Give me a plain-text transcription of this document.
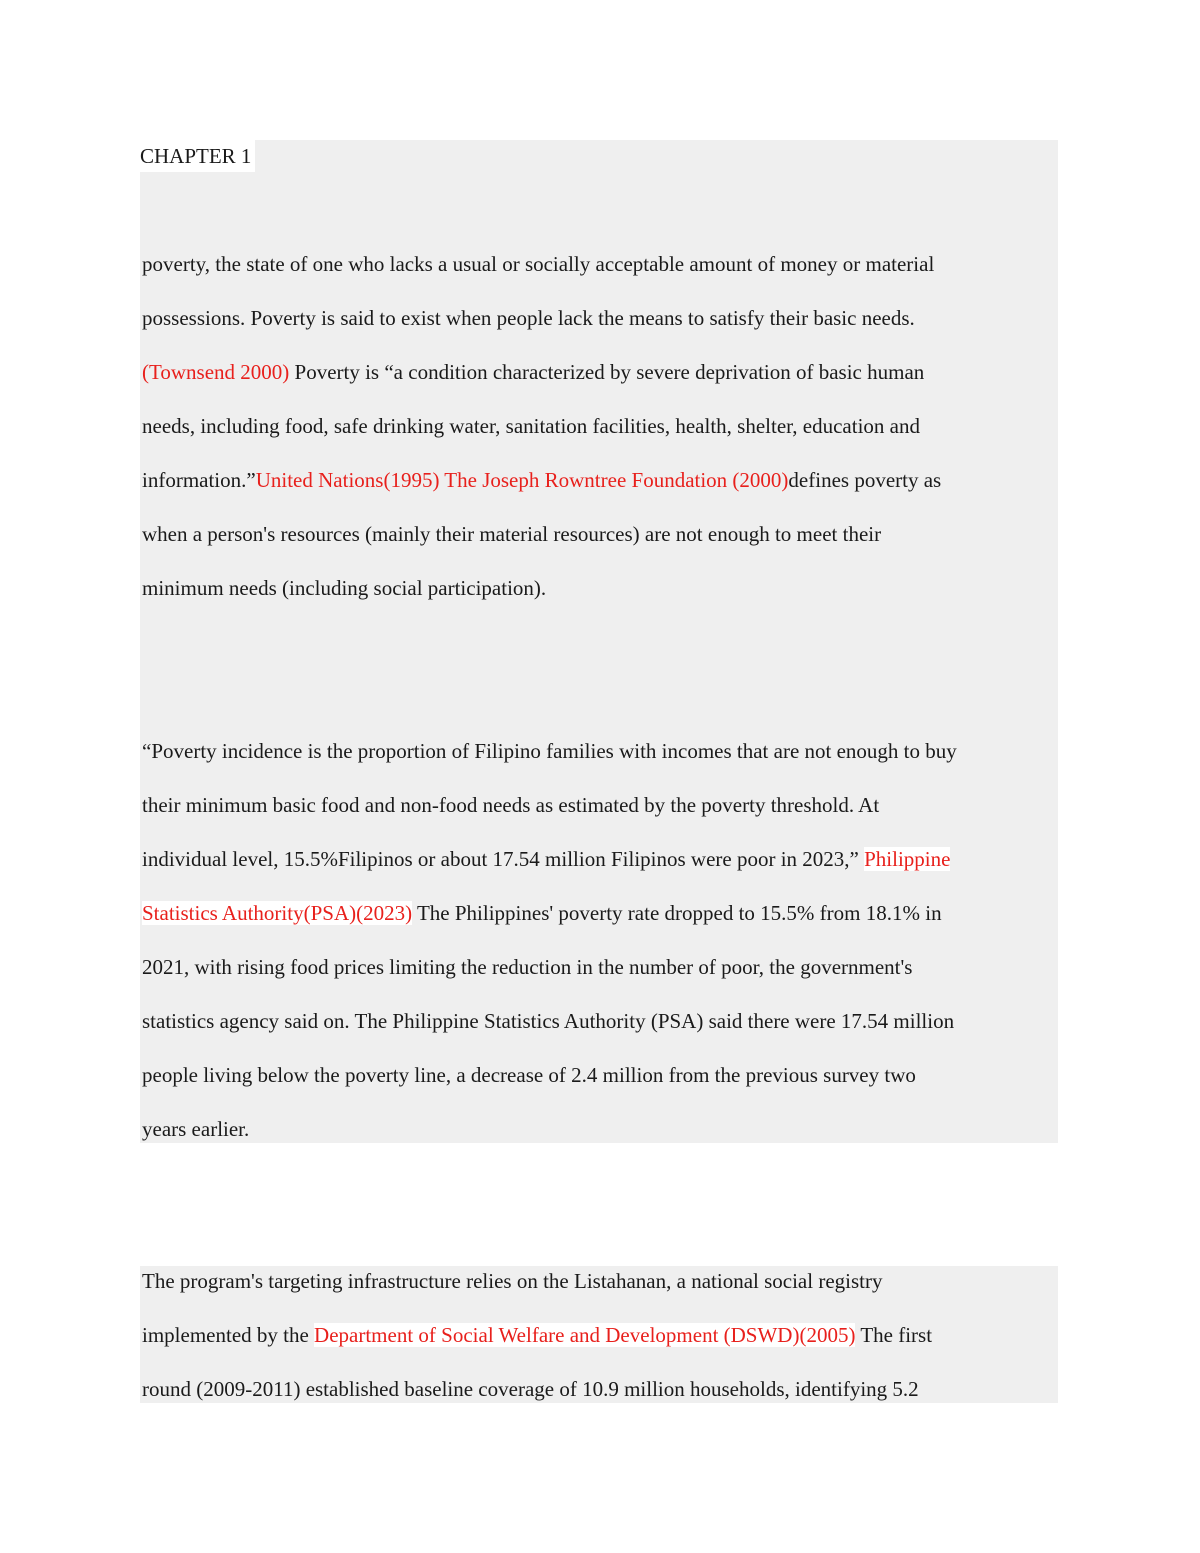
CHAPTER 1

poverty, the state of one who lacks a usual or socially acceptable amount of money or material
possessions. Poverty is said to exist when people lack the means to satisfy their basic needs.
(Townsend 2000) Poverty is “a condition characterized by severe deprivation of basic human
needs, including food, safe drinking water, sanitation facilities, health, shelter, education and
information.”United Nations(1995) The Joseph Rowntree Foundation (2000)defines poverty as
when a person's resources (mainly their material resources) are not enough to meet their
minimum needs (including social participation).

“Poverty incidence is the proportion of Filipino families with incomes that are not enough to buy
their minimum basic food and non-food needs as estimated by the poverty threshold. At
individual level, 15.5%Filipinos or about 17.54 million Filipinos were poor in 2023,” Philippine
Statistics Authority(PSA)(2023) The Philippines' poverty rate dropped to 15.5% from 18.1% in
2021, with rising food prices limiting the reduction in the number of poor, the government's
statistics agency said on. The Philippine Statistics Authority (PSA) said there were 17.54 million
people living below the poverty line, a decrease of 2.4 million from the previous survey two
years earlier.

The program's targeting infrastructure relies on the Listahanan, a national social registry
implemented by the Department of Social Welfare and Development (DSWD)(2005) The first
round (2009-2011) established baseline coverage of 10.9 million households, identifying 5.2
